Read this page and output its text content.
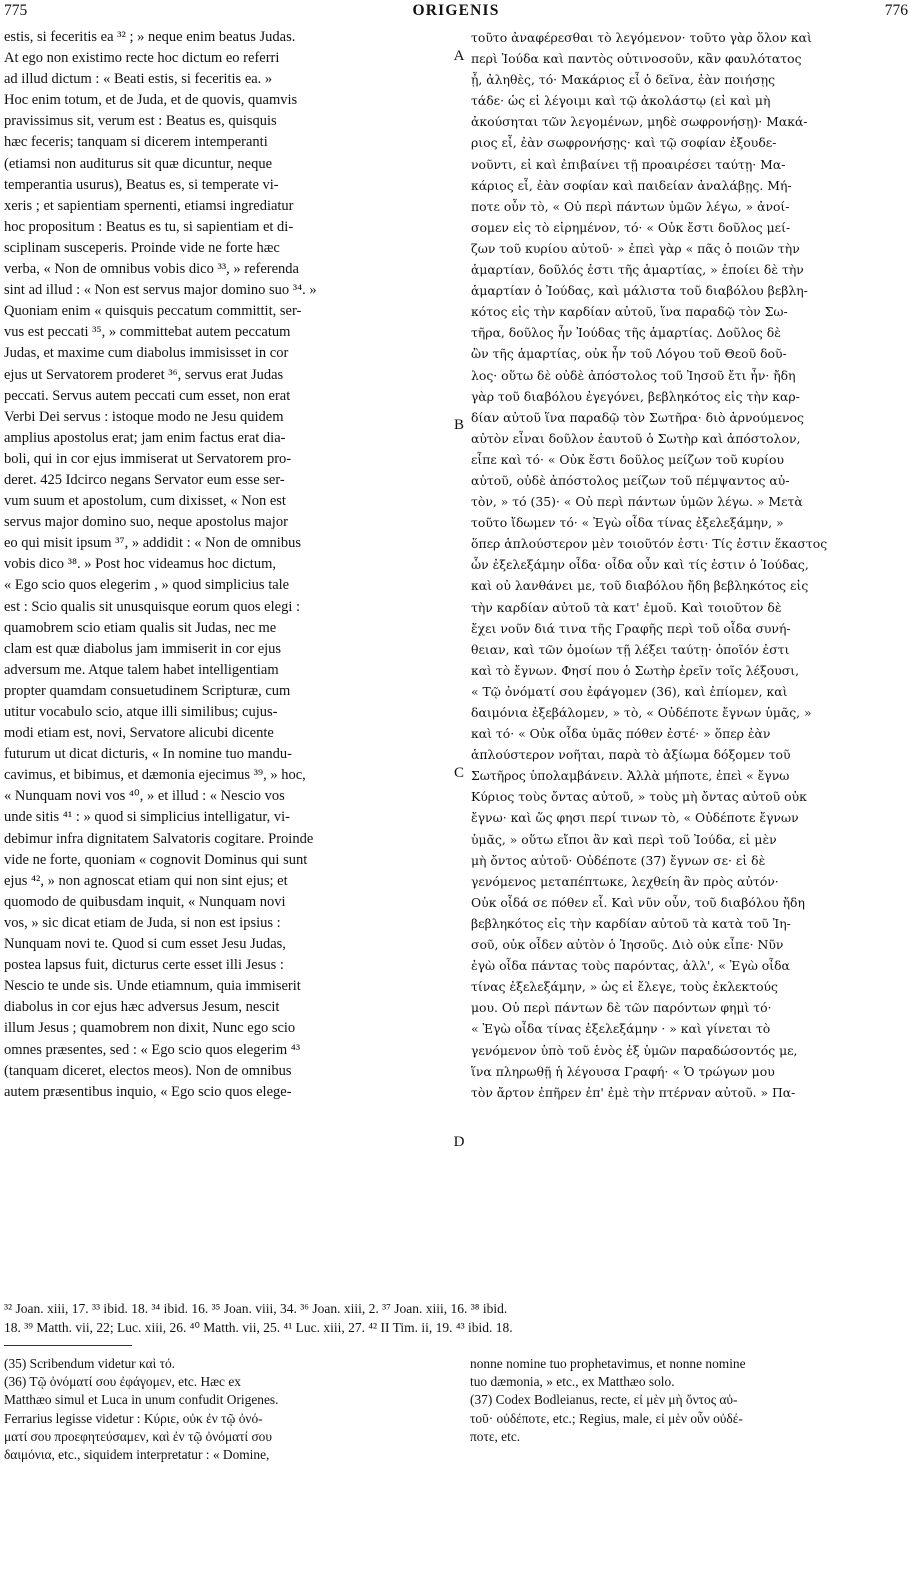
775	ORIGENIS	776
estis, si feceritis ea ³² ; » neque enim beatus Judas.
At ego non existimo recte hoc dictum eo referri
ad illud dictum : « Beati estis, si feceritis ea. »
Hoc enim totum, et de Juda, et de quovis, quamvis
pravissimus sit, verum est : Beatus es, quisquis
hæc feceris; tanquam si dicerem intemperanti
(etiamsi non auditurus sit quæ dicuntur, neque
temperantia usurus), Beatus es, si temperate vi-
xeris ; et sapientiam spernenti, etiamsi ingrediatur
hoc propositum : Beatus es tu, si sapientiam et di-
sciplinam susceperis. Proinde vide ne forte hæc
verba, « Non de omnibus vobis dico ³³, » referenda
sint ad illud : « Non est servus major domino suo ³⁴. »
Quoniam enim « quisquis peccatum committit, ser-
vus est peccati ³⁵, » committebat autem peccatum
Judas, et maxime cum diabolus immisisset in cor
ejus ut Servatorem proderet ³⁶, servus erat Judas
peccati. Servus autem peccati cum esset, non erat
Verbi Dei servus : istoque modo ne Jesu quidem
amplius apostolus erat; jam enim factus erat dia-
boli, qui in cor ejus immiserat ut Servatorem pro-
deret. 425 Idcirco negans Servator eum esse ser-
vum suum et apostolum, cum dixisset, « Non est
servus major domino suo, neque apostolus major
eo qui misit ipsum ³⁷, » addidit : « Non de omnibus
vobis dico ³⁸. » Post hoc videamus hoc dictum,
« Ego scio quos elegerim , » quod simplicius tale
est : Scio qualis sit unusquisque eorum quos elegi :
quamobrem scio etiam qualis sit Judas, nec me
clam est quæ diabolus jam immiserit in cor ejus
adversum me. Atque talem habet intelligentiam
propter quamdam consuetudinem Scripturæ, cum
utitur vocabulo scio, atque illi similibus; cujus-
modi etiam est, novi, Servatore alicubi dicente
futurum ut dicat dicturis, « In nomine tuo mandu-
cavimus, et bibimus, et dæmonia ejecimus ³⁹, » hoc,
« Nunquam novi vos ⁴⁰, » et illud : « Nescio vos
unde sitis ⁴¹ : » quod si simplicius intelligatur, vi-
debimur infra dignitatem Salvatoris cogitare. Proinde
vide ne forte, quoniam « cognovit Dominus qui sunt
ejus ⁴², » non agnoscat etiam qui non sint ejus; et
quomodo de quibusdam inquit, « Nunquam novi
vos, » sic dicat etiam de Juda, si non est ipsius :
Nunquam novi te. Quod si cum esset Jesu Judas,
postea lapsus fuit, dicturus certe esset illi Jesus :
Nescio te unde sis. Unde etiamnum, quia immiserit
diabolus in cor ejus hæc adversus Jesum, nescit
illum Jesus ; quamobrem non dixit, Nunc ego scio
omnes præsentes, sed : « Ego scio quos elegerim ⁴³
(tanquam diceret, electos meos). Non de omnibus
autem præsentibus inquio, « Ego scio quos elege-
A
B
C
D
τοῦτο ἀναφέρεσθαι τὸ λεγόμενον· τοῦτο γὰρ ὅλον καὶ
περὶ Ἰούδα καὶ παντὸς οὑτινοσοῦν, κἂν φαυλότατος
ᾖ, ἀληθὲς, τό· Μακάριος εἶ ὁ δεῖνα, ἐὰν ποιήσῃς
τάδε· ὡς εἰ λέγοιμι καὶ τῷ ἀκολάστῳ (εἰ καὶ μὴ
ἀκούσηται τῶν λεγομένων, μηδὲ σωφρονήσῃ)· Μακά-
ριος εἶ, ἐὰν σωφρονήσῃς· καὶ τῷ σοφίαν ἐξουδε-
νοῦντι, εἰ καὶ ἐπιβαίνει τῇ προαιρέσει ταύτῃ· Μα-
κάριος εἶ, ἐὰν σοφίαν καὶ παιδείαν ἀναλάβῃς. Μή-
ποτε οὖν τὸ, « Οὐ περὶ πάντων ὑμῶν λέγω, » ἀνοί-
σομεν εἰς τὸ εἰρημένον, τό· « Οὐκ ἔστι δοῦλος μεί-
ζων τοῦ κυρίου αὐτοῦ· » ἐπεὶ γὰρ « πᾶς ὁ ποιῶν τὴν
ἁμαρτίαν, δοῦλός ἐστι τῆς ἁμαρτίας, » ἐποίει δὲ τὴν
ἁμαρτίαν ὁ Ἰούδας, καὶ μάλιστα τοῦ διαβόλου βεβλη-
κότος εἰς τὴν καρδίαν αὐτοῦ, ἵνα παραδῷ τὸν Σω-
τῆρα, δοῦλος ἦν Ἰούδας τῆς ἁμαρτίας. Δοῦλος δὲ
ὢν τῆς ἁμαρτίας, οὐκ ἦν τοῦ Λόγου τοῦ Θεοῦ δοῦ-
λος· οὕτω δὲ οὐδὲ ἀπόστολος τοῦ Ἰησοῦ ἔτι ἦν· ἤδη
γὰρ τοῦ διαβόλου ἐγεγόνει, βεβληκότος εἰς τὴν καρ-
δίαν αὐτοῦ ἵνα παραδῷ τὸν Σωτῆρα· διὸ ἀρνούμενος
αὐτὸν εἶναι δοῦλον ἑαυτοῦ ὁ Σωτὴρ καὶ ἀπόστολον,
εἶπε καὶ τό· « Οὐκ ἔστι δοῦλος μείζων τοῦ κυρίου
αὐτοῦ, οὐδὲ ἀπόστολος μείζων τοῦ πέμψαντος αὐ-
τὸν, » τό (35)· « Οὐ περὶ πάντων ὑμῶν λέγω. » Μετὰ
τοῦτο ἴδωμεν τό· « Ἐγὼ οἶδα τίνας ἐξελεξάμην, »
ὅπερ ἁπλούστερον μὲν τοιοῦτόν ἐστι· Τίς ἐστιν ἕκαστος
ὧν ἐξελεξάμην οἶδα· οἶδα οὖν καὶ τίς ἐστιν ὁ Ἰούδας,
καὶ οὐ λανθάνει με, τοῦ διαβόλου ἤδη βεβληκότος εἰς
τὴν καρδίαν αὐτοῦ τὰ κατ' ἐμοῦ. Καὶ τοιοῦτον δὲ
ἔχει νοῦν διά τινα τῆς Γραφῆς περὶ τοῦ οἶδα συνή-
θειαν, καὶ τῶν ὁμοίων τῇ λέξει ταύτῃ· ὁποῖόν ἐστι
καὶ τὸ ἔγνων. Φησί που ὁ Σωτὴρ ἐρεῖν τοῖς λέξουσι,
« Τῷ ὀνόματί σου ἐφάγομεν (36), καὶ ἐπίομεν, καὶ
δαιμόνια ἐξεβάλομεν, » τὸ, « Οὐδέποτε ἔγνων ὑμᾶς, »
καὶ τό· « Οὐκ οἶδα ὑμᾶς πόθεν ἐστέ· » ὅπερ ἐὰν
ἁπλούστερον νοῆται, παρὰ τὸ ἀξίωμα δόξομεν τοῦ
Σωτῆρος ὑπολαμβάνειν. Ἀλλὰ μήποτε, ἐπεὶ « ἔγνω
Κύριος τοὺς ὄντας αὐτοῦ, » τοὺς μὴ ὄντας αὐτοῦ οὐκ
ἔγνω· καὶ ὥς φησι περί τινων τὸ, « Οὐδέποτε ἔγνων
ὑμᾶς, » οὕτω εἴποι ἂν καὶ περὶ τοῦ Ἰούδα, εἰ μὲν
μὴ ὄντος αὐτοῦ· Οὐδέποτε (37) ἔγνων σε· εἰ δὲ
γενόμενος μεταπέπτωκε, λεχθείη ἂν πρὸς αὐτόν·
Οὐκ οἶδά σε πόθεν εἶ. Καὶ νῦν οὖν, τοῦ διαβόλου ἤδη
βεβληκότος εἰς τὴν καρδίαν αὐτοῦ τὰ κατὰ τοῦ Ἰη-
σοῦ, οὐκ οἶδεν αὐτὸν ὁ Ἰησοῦς. Διὸ οὐκ εἶπε· Νῦν
ἐγὼ οἶδα πάντας τοὺς παρόντας, ἀλλ', « Ἐγὼ οἶδα
τίνας ἐξελεξάμην, » ὡς εἰ ἔλεγε, τοὺς ἐκλεκτούς
μου. Οὐ περὶ πάντων δὲ τῶν παρόντων φημὶ τό·
« Ἐγὼ οἶδα τίνας ἐξελεξάμην · » καὶ γίνεται τὸ
γενόμενον ὑπὸ τοῦ ἑνὸς ἐξ ὑμῶν παραδώσοντός με,
ἵνα πληρωθῇ ἡ λέγουσα Γραφή· « Ὁ τρώγων μου
τὸν ἄρτον ἐπῆρεν ἐπ' ἐμὲ τὴν πτέρναν αὐτοῦ. » Πα-
³² Joan. xiii, 17. ³³ ibid. 18. ³⁴ ibid. 16. ³⁵ Joan. viii, 34. ³⁶ Joan. xiii, 2. ³⁷ Joan. xiii, 16. ³⁸ ibid.
18. ³⁹ Matth. vii, 22; Luc. xiii, 26. ⁴⁰ Matth. vii, 25. ⁴¹ Luc. xiii, 27. ⁴² II Tim. ii, 19. ⁴³ ibid. 18.
(35) Scribendum videtur καὶ τό.
(36) Τῷ ὀνόματί σου ἐφάγομεν, etc. Hæc ex
Matthæo simul et Luca in unum confudit Origenes.
Ferrarius legisse videtur : Κύριε, οὐκ ἐν τῷ ὀνό-
ματί σου προεφητεύσαμεν, καὶ ἐν τῷ ὀνόματί σου
δαιμόνια, etc., siquidem interpretatur : « Domine,
nonne nomine tuo prophetavimus, et nonne nomine
tuo dæmonia, » etc., ex Matthæo solo.
(37) Codex Bodleianus, recte, εἰ μὲν μὴ ὄντος αὐ-
τοῦ· οὐδέποτε, etc.; Regius, male, εἰ μὲν οὖν οὐδέ-
ποτε, etc.
